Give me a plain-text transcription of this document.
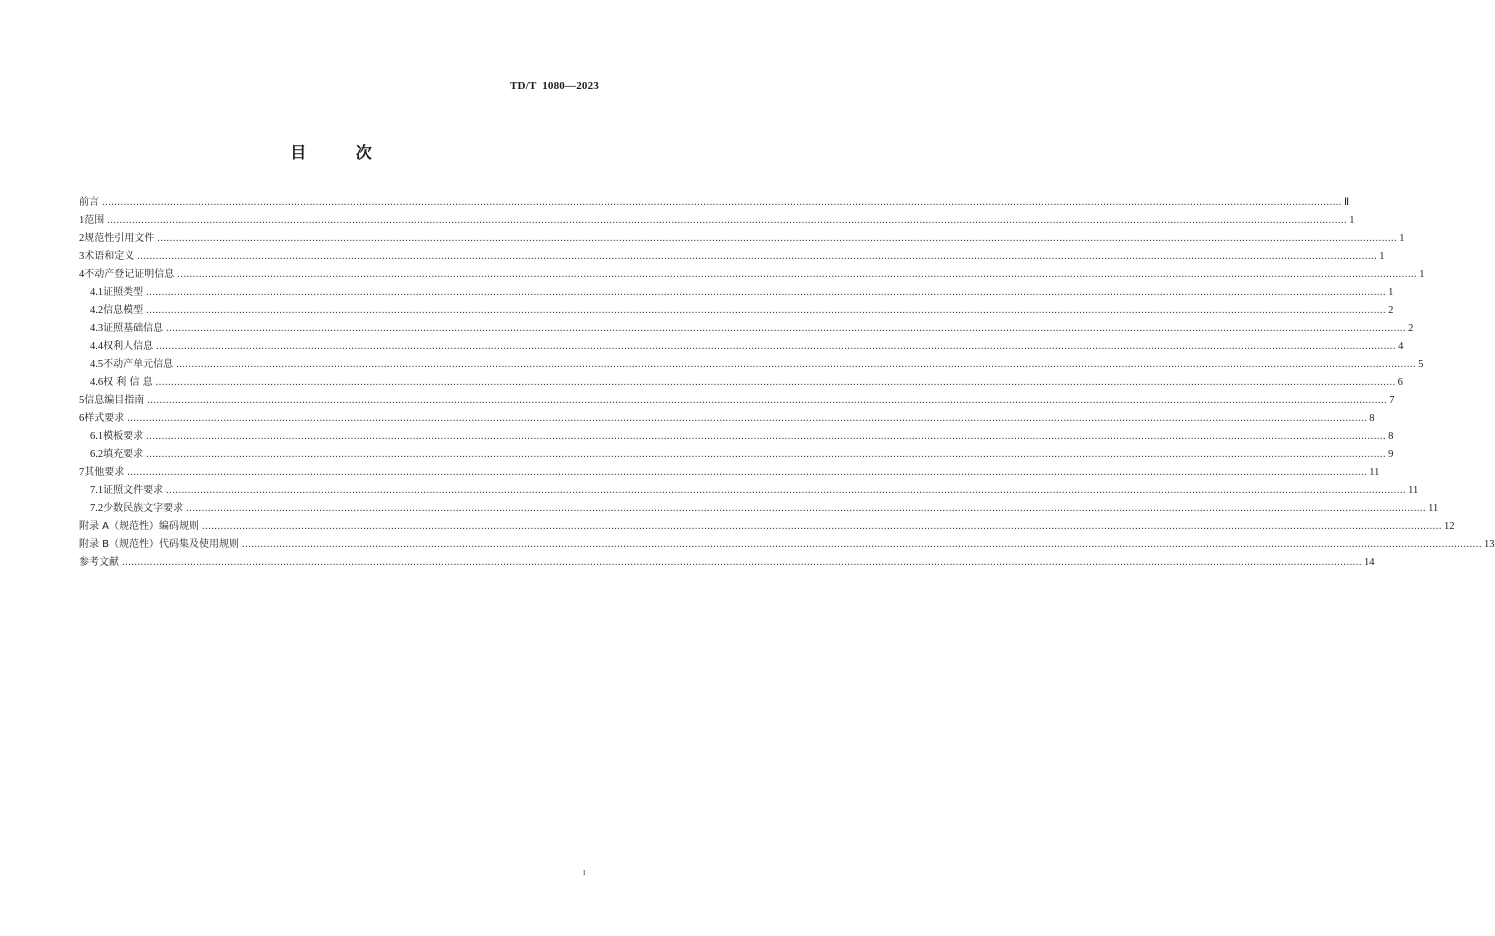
TD/T  1080—2023
目 次
前言 ................................................................................................................................................................................................................................................................................................................................................................................................................ Ⅱ
1 范围 ................................................................................................................................................................................................................................................................................................................................................................................................................ 1
2 规范性引用文件 ................................................................................................................................................................................................................................................................................................................................................................................................................ 1
3 术语和定义 ................................................................................................................................................................................................................................................................................................................................................................................................................ 1
4 不动产登记证明信息 ................................................................................................................................................................................................................................................................................................................................................................................................................ 1
4.1 证照类型 ................................................................................................................................................................................................................................................................................................................................................................................................................ 1
4.2 信息模型 ................................................................................................................................................................................................................................................................................................................................................................................................................ 2
4.3 证照基础信息 ................................................................................................................................................................................................................................................................................................................................................................................................................ 2
4.4 权利人信息 ................................................................................................................................................................................................................................................................................................................................................................................................................ 4
4.5 不动产单元信息 ................................................................................................................................................................................................................................................................................................................................................................................................................ 5
4.6 权 利 信 息 ................................................................................................................................................................................................................................................................................................................................................................................................................ 6
5 信息编目指南 ................................................................................................................................................................................................................................................................................................................................................................................................................ 7
6 样式要求 ................................................................................................................................................................................................................................................................................................................................................................................................................ 8
6.1 模板要求 ................................................................................................................................................................................................................................................................................................................................................................................................................ 8
6.2 填充要求 ................................................................................................................................................................................................................................................................................................................................................................................................................ 9
7 其他要求 ................................................................................................................................................................................................................................................................................................................................................................................................................ 11
7.1 证照文件要求 ................................................................................................................................................................................................................................................................................................................................................................................................................ 11
7.2 少数民族文字要求 ................................................................................................................................................................................................................................................................................................................................................................................................................ 11
附录 A（规范性）编码规则 ................................................................................................................................................................................................................................................................................................................................................................................................................ 12
附录 B（规范性）代码集及使用规则 ................................................................................................................................................................................................................................................................................................................................................................................................................ 13
参考文献 ................................................................................................................................................................................................................................................................................................................................................................................................................ 14
I
